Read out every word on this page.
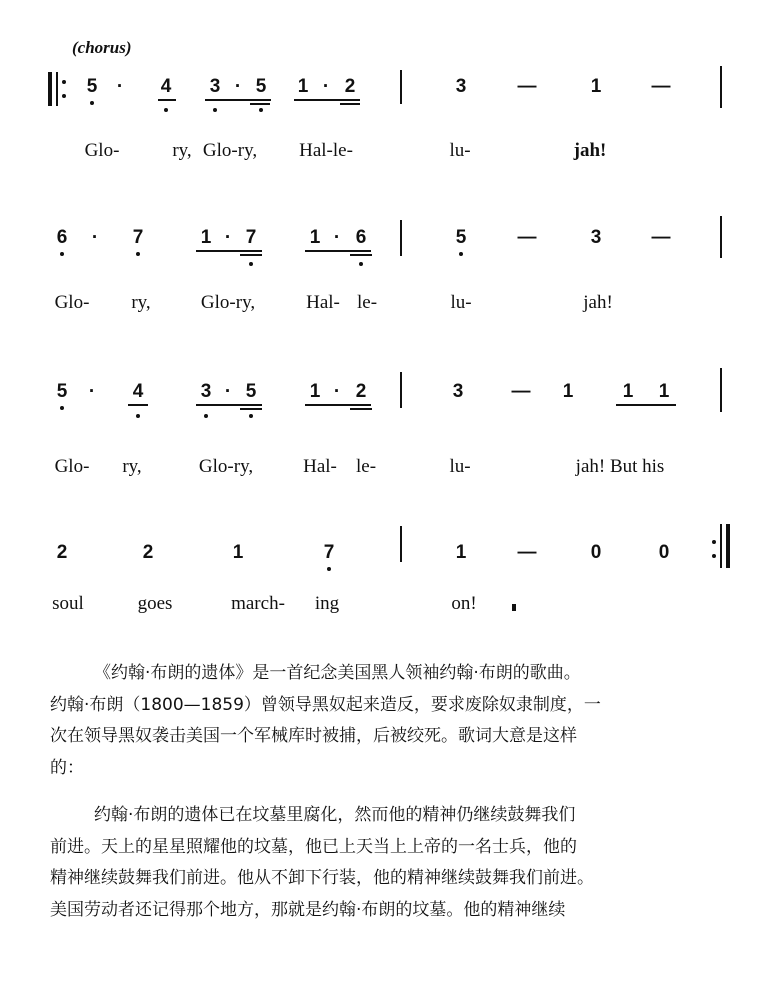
(chorus)
5 · 4 3 · 5 1 · 2	3	—	1	—
Glo-	ry, Glo-ry, Hal-le-	lu-	jah!
6 · 7	1 · 7	1 · 6	5	—	3	—
Glo- ry,	Glo-ry,	Hal- le-	lu-	jah!
5 · 4	3 · 5	1 · 2	3	— 1	1 1
Glo- ry,	Glo-ry,	Hal- le-	lu-	jah! But his
2	2	1	7	1	—	0	0
soul	goes	march- ing	on!
《约翰·布朗的遗体》是一首纪念美国黑人领袖约翰·布朗的歌曲。
约翰·布朗（1800—1859）曾领导黑奴起来造反，要求废除奴隶制度，一
次在领导黑奴袭击美国一个军械库时被捕，后被绞死。歌词大意是这样
的：
约翰·布朗的遗体已在坟墓里腐化，然而他的精神仍继续鼓舞我们
前进。天上的星星照耀他的坟墓，他已上天当上上帝的一名士兵，他的
精神继续鼓舞我们前进。他从不卸下行装，他的精神继续鼓舞我们前进。
美国劳动者还记得那个地方，那就是约翰·布朗的坟墓。他的精神继续
